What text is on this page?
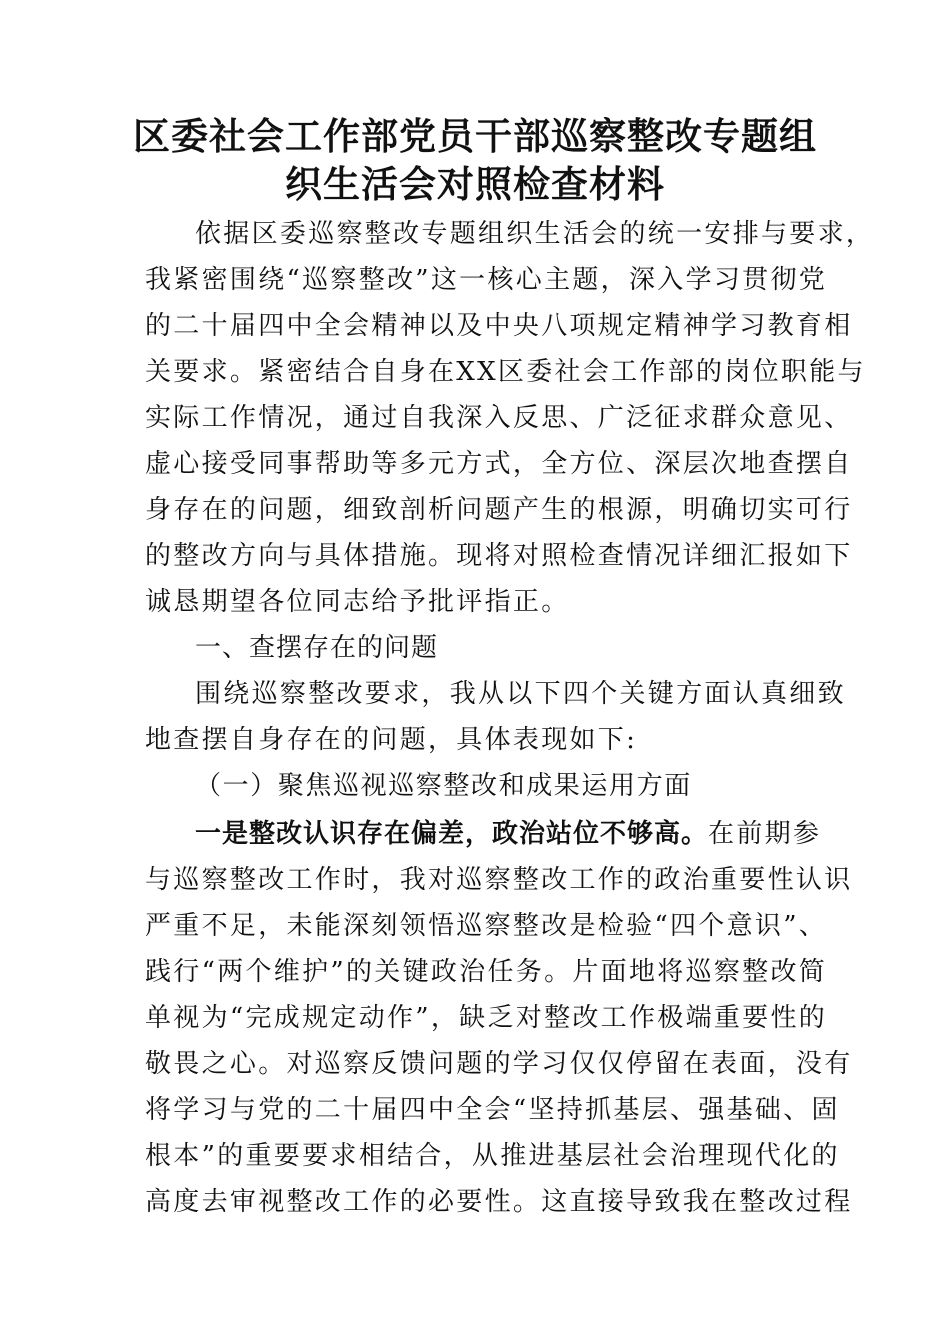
区委社会工作部党员干部巡察整改专题组
织生活会对照检查材料
依据区委巡察整改专题组织生活会的统一安排与要求，
我紧密围绕“巡察整改”这一核心主题，深入学习贯彻党
的二十届四中全会精神以及中央八项规定精神学习教育相
关要求。紧密结合自身在XX区委社会工作部的岗位职能与
实际工作情况，通过自我深入反思、广泛征求群众意见、
虚心接受同事帮助等多元方式，全方位、深层次地查摆自
身存在的问题，细致剖析问题产生的根源，明确切实可行
的整改方向与具体措施。现将对照检查情况详细汇报如下
诚恳期望各位同志给予批评指正。
一、查摆存在的问题
围绕巡察整改要求，我从以下四个关键方面认真细致
地查摆自身存在的问题，具体表现如下:
（一）聚焦巡视巡察整改和成果运用方面
一是整改认识存在偏差，政治站位不够高。在前期参
与巡察整改工作时，我对巡察整改工作的政治重要性认识
严重不足，未能深刻领悟巡察整改是检验“四个意识”、
践行“两个维护”的关键政治任务。片面地将巡察整改简
单视为“完成规定动作”，缺乏对整改工作极端重要性的
敬畏之心。对巡察反馈问题的学习仅仅停留在表面，没有
将学习与党的二十届四中全会“坚持抓基层、强基础、固
根本”的重要要求相结合，从推进基层社会治理现代化的
高度去审视整改工作的必要性。这直接导致我在整改过程
